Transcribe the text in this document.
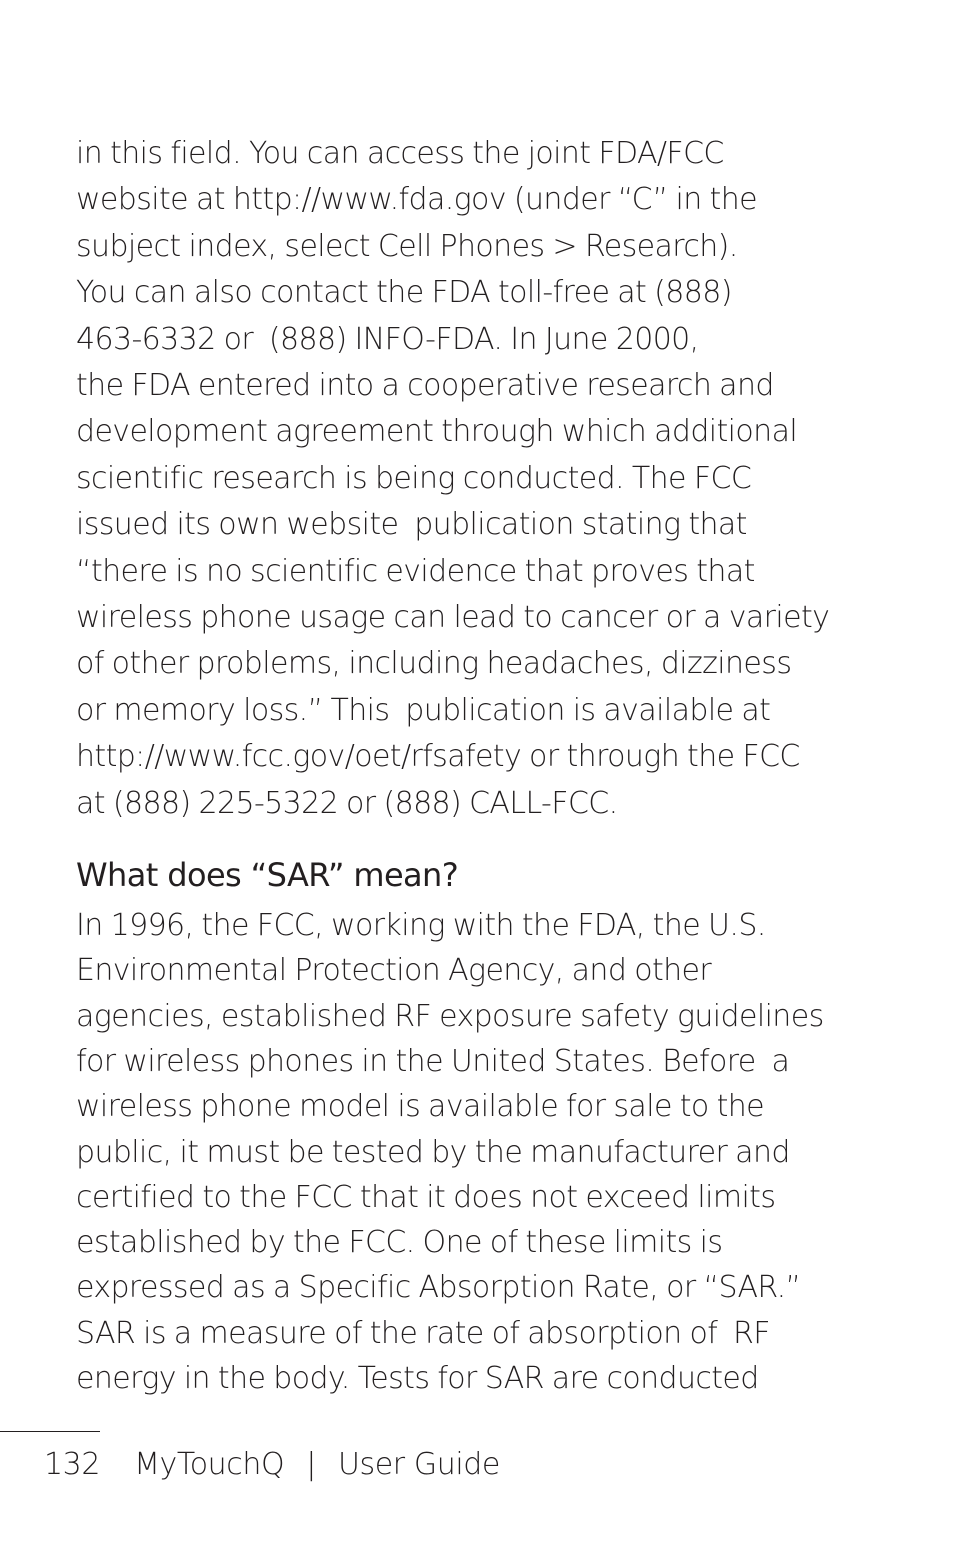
in this field. You can access the joint FDA/FCC
website at http://www.fda.gov (under “C” in the
subject index, select Cell Phones > Research).
You can also contact the FDA toll-free at (888)
463-6332 or  (888) INFO-FDA. In June 2000,
the FDA entered into a cooperative research and
development agreement through which additional
scientific research is being conducted. The FCC
issued its own website  publication stating that
“there is no scientific evidence that proves that
wireless phone usage can lead to cancer or a variety
of other problems, including headaches, dizziness
or memory loss.” This  publication is available at
http://www.fcc.gov/oet/rfsafety or through the FCC
at (888) 225-5322 or (888) CALL-FCC.

What does “SAR” mean?

In 1996, the FCC, working with the FDA, the U.S.
Environmental Protection Agency, and other
agencies, established RF exposure safety guidelines
for wireless phones in the United States. Before  a
wireless phone model is available for sale to the
public, it must be tested by the manufacturer and
certified to the FCC that it does not exceed limits
established by the FCC. One of these limits is
expressed as a Specific Absorption Rate, or “SAR.”
SAR is a measure of the rate of absorption of  RF
energy in the body. Tests for SAR are conducted

132 MyTouchQ | User Guide
